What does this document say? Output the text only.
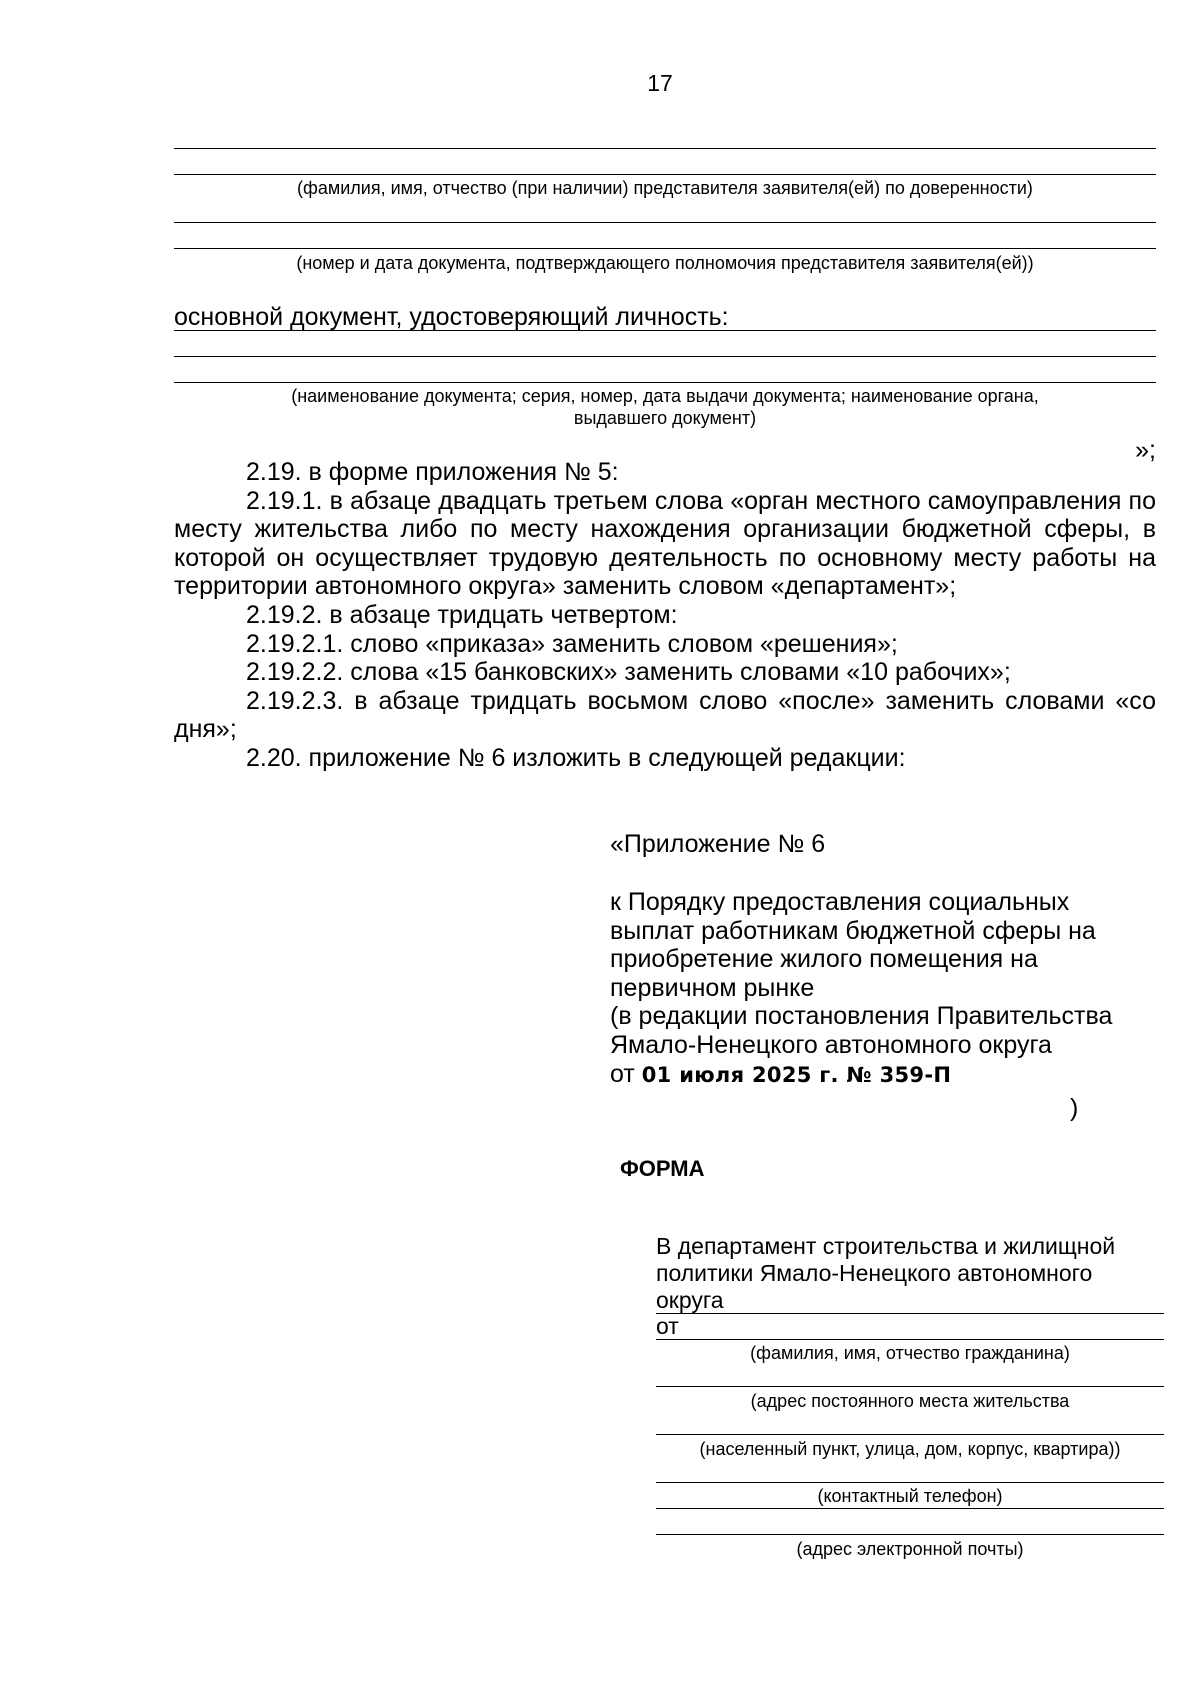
17
(фамилия, имя, отчество (при наличии) представителя заявителя(ей) по доверенности)
(номер и дата документа, подтверждающего полномочия представителя заявителя(ей))
основной документ, удостоверяющий личность:
(наименование документа; серия, номер, дата выдачи документа; наименование органа,
выдавшего документ)
»;

2.19. в форме приложения № 5:

2.19.1. в абзаце двадцать третьем слова «орган местного самоуправления по месту жительства либо по месту нахождения организации бюджетной сферы, в которой он осуществляет трудовую деятельность по основному месту работы на территории автономного округа» заменить словом «департамент»;

2.19.2. в абзаце тридцать четвертом:

2.19.2.1. слово «приказа» заменить словом «решения»;

2.19.2.2. слова «15 банковских» заменить словами «10 рабочих»;

2.19.2.3. в абзаце тридцать восьмом слово «после» заменить словами «со дня»;

2.20. приложение № 6 изложить в следующей редакции:

«Приложение № 6
к Порядку предоставления социальных
выплат работникам бюджетной сферы на
приобретение жилого помещения на
первичном рынке
(в редакции постановления Правительства
Ямало-Ненецкого автономного округа
от 01 июля 2025 г. № 359-П
)
ФОРМА
В департамент строительства и жилищной
политики Ямало-Ненецкого автономного
округа
от
(фамилия, имя, отчество гражданина)
(адрес постоянного места жительства
(населенный пункт, улица, дом, корпус, квартира))
(контактный телефон)
(адрес электронной почты)
